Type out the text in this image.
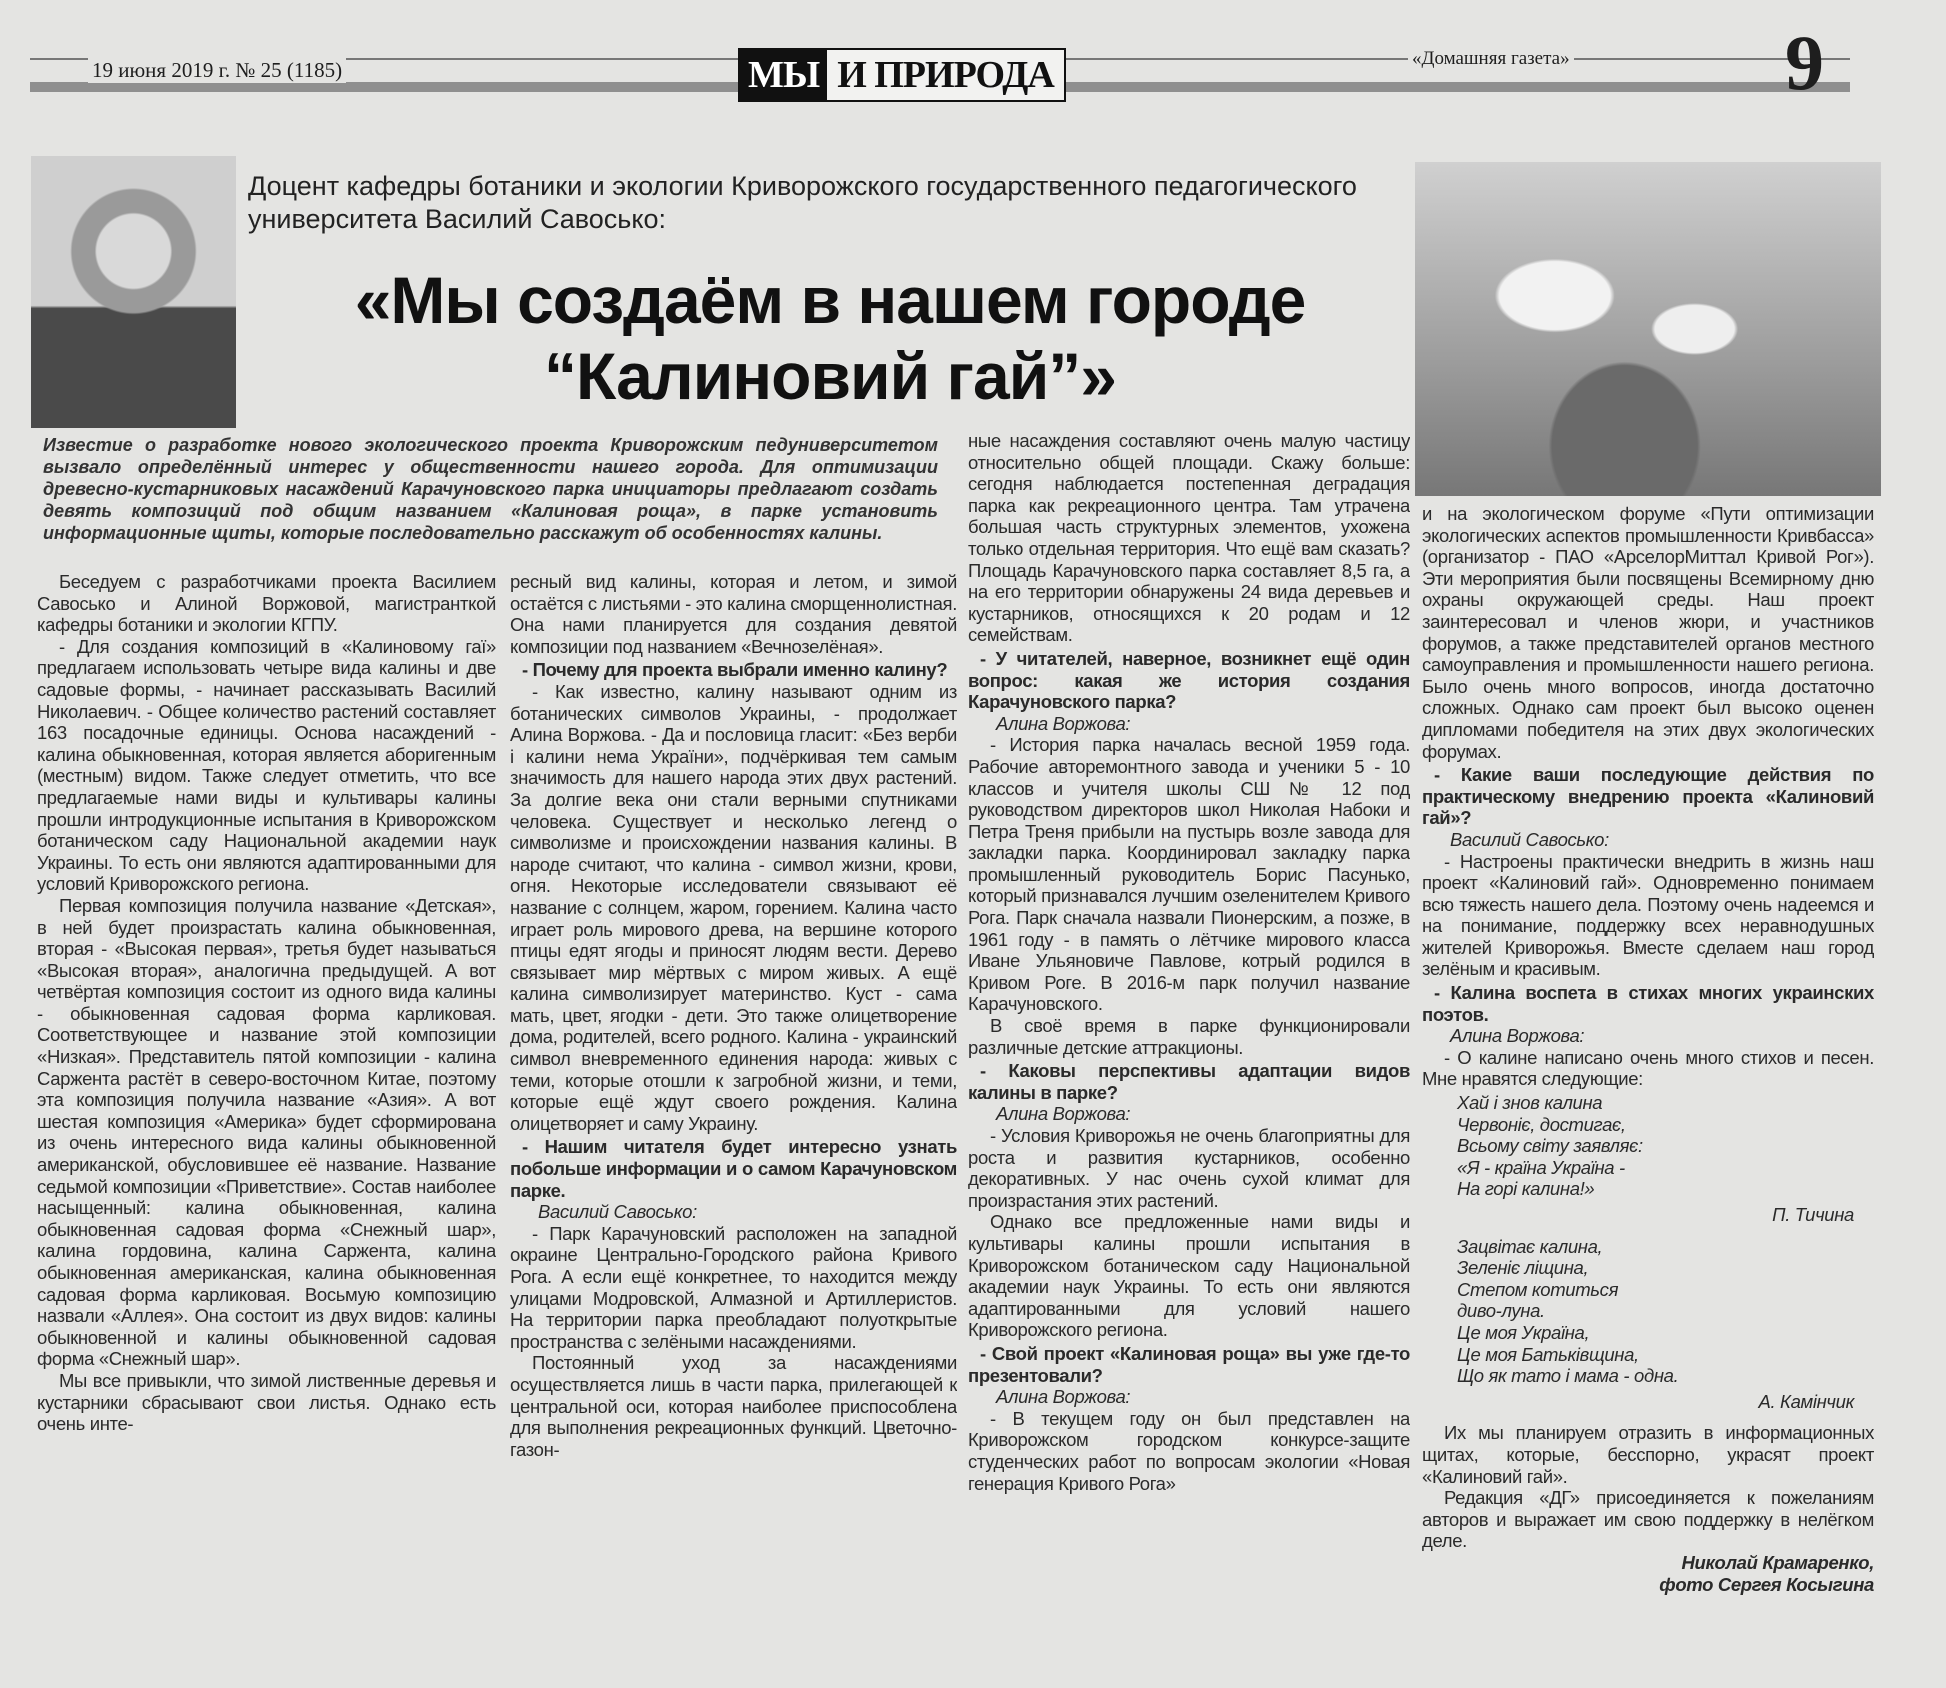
19 июня 2019 г. № 25 (1185)	МЫ И ПРИРОДА	«Домашняя газета»	9
Доцент кафедры ботаники и экологии Криворожского государственного педагогического университета Василий Савосько:
«Мы создаём в нашем городе “Калиновий гай”»
Известие о разработке нового экологического проекта Криворожским педуниверситетом вызвало определённый интерес у общественности нашего города. Для оптимизации древесно-кустарниковых насаждений Карачуновского парка инициаторы предлагают создать девять композиций под общим названием «Калиновая роща», в парке установить информационные щиты, которые последовательно расскажут об особенностях калины.

Беседуем с разработчиками проекта Василием Савосько и Алиной Воржовой, магистранткой кафедры ботаники и экологии КГПУ.

- Для создания композиций в «Калиновому гаї» предлагаем использовать четыре вида калины и две садовые формы, - начинает рассказывать Василий Николаевич. - Общее количество растений составляет 163 посадочные единицы. Основа насаждений - калина обыкновенная, которая является аборигенным (местным) видом. Также следует отметить, что все предлагаемые нами виды и культивары калины прошли интродукционные испытания в Криворожском ботаническом саду Национальной академии наук Украины. То есть они являются адаптированными для условий Криворожского региона.

Первая композиция получила название «Детская», в ней будет произрастать калина обыкновенная, вторая - «Высокая первая», третья будет называться «Высокая вторая», аналогична предыдущей. А вот четвёртая композиция состоит из одного вида калины - обыкновенная садовая форма карликовая. Соответствующее и название этой композиции «Низкая». Представитель пятой композиции - калина Саржента растёт в северо-восточном Китае, поэтому эта композиция получила название «Азия». А вот шестая композиция «Америка» будет сформирована из очень интересного вида калины обыкновенной американской, обусловившее её название. Название седьмой композиции «Приветствие». Состав наиболее насыщенный: калина обыкновенная, калина обыкновенная садовая форма «Снежный шар», калина гордовина, калина Саржента, калина обыкновенная американская, калина обыкновенная садовая форма карликовая. Восьмую композицию назвали «Аллея». Она состоит из двух видов: калины обыкновенной и калины обыкновенной садовая форма «Снежный шар».

Мы все привыкли, что зимой лиственные деревья и кустарники сбрасывают свои листья. Однако есть очень инте-

ресный вид калины, которая и летом, и зимой остаётся с листьями - это калина сморщеннолистная. Она нами планируется для создания девятой композиции под названием «Вечнозелёная».

- Почему для проекта выбрали именно калину?

- Как известно, калину называют одним из ботанических символов Украины, - продолжает Алина Воржова. - Да и пословица гласит: «Без верби і калини нема України», подчёркивая тем самым значимость для нашего народа этих двух растений. За долгие века они стали верными спутниками человека. Существует и несколько легенд о символизме и происхождении названия калины. В народе считают, что калина - символ жизни, крови, огня. Некоторые исследователи связывают её название с солнцем, жаром, горением. Калина часто играет роль мирового древа, на вершине которого птицы едят ягоды и приносят людям вести. Дерево связывает мир мёртвых с миром живых. А ещё калина символизирует материнство. Куст - сама мать, цвет, ягодки - дети. Это также олицетворение дома, родителей, всего родного. Калина - украинский символ вневременного единения народа: живых с теми, которые отошли к загробной жизни, и теми, которые ещё ждут своего рождения. Калина олицетворяет и саму Украину.

- Нашим читателя будет интересно узнать побольше информации и о самом Карачуновском парке.

Василий Савосько:

- Парк Карачуновский расположен на западной окраине Центрально-Городского района Кривого Рога. А если ещё конкретнее, то находится между улицами Модровской, Алмазной и Артиллеристов. На территории парка преобладают полуоткрытые пространства с зелёными насаждениями.

Постоянный уход за насаждениями осуществляется лишь в части парка, прилегающей к центральной оси, которая наиболее приспособлена для выполнения рекреационных функций. Цветочно-газон-

ные насаждения составляют очень малую частицу относительно общей площади. Скажу больше: сегодня наблюдается постепенная деградация парка как рекреационного центра. Там утрачена большая часть структурных элементов, ухожена только отдельная территория. Что ещё вам сказать? Площадь Карачуновского парка составляет 8,5 га, а на его территории обнаружены 24 вида деревьев и кустарников, относящихся к 20 родам и 12 семействам.

- У читателей, наверное, возникнет ещё один вопрос: какая же история создания Карачуновского парка?

Алина Воржова:

- История парка началась весной 1959 года. Рабочие авторемонтного завода и ученики 5 - 10 классов и учителя школы СШ № 12 под руководством директоров школ Николая Набоки и Петра Треня прибыли на пустырь возле завода для закладки парка. Координировал закладку парка промышленный руководитель Борис Пасунько, который признавался лучшим озеленителем Кривого Рога. Парк сначала назвали Пионерским, а позже, в 1961 году - в память о лётчике мирового класса Иване Ульяновиче Павлове, котрый родился в Кривом Роге. В 2016-м парк получил название Карачуновского.

В своё время в парке функционировали различные детские аттракционы.

- Каковы перспективы адаптации видов калины в парке?

Алина Воржова:

- Условия Криворожья не очень благоприятны для роста и развития кустарников, особенно декоративных. У нас очень сухой климат для произрастания этих растений.

Однако все предложенные нами виды и культивары калины прошли испытания в Криворожском ботаническом саду Национальной академии наук Украины. То есть они являются адаптированными для условий нашего Криворожского региона.

- Свой проект «Калиновая роща» вы уже где-то презентовали?

Алина Воржова:

- В текущем году он был представлен на Криворожском городском конкурсе-защите студенческих работ по вопросам экологии «Новая генерация Кривого Рога»

и на экологическом форуме «Пути оптимизации экологических аспектов промышленности Кривбасса» (организатор - ПАО «АрселорМиттал Кривой Рог»). Эти мероприятия были посвящены Всемирному дню охраны окружающей среды. Наш проект заинтересовал и членов жюри, и участников форумов, а также представителей органов местного самоуправления и промышленности нашего региона. Было очень много вопросов, иногда достаточно сложных. Однако сам проект был высоко оценен дипломами победителя на этих двух экологических форумах.

- Какие ваши последующие действия по практическому внедрению проекта «Калиновий гай»?

Василий Савосько:

- Настроены практически внедрить в жизнь наш проект «Калиновий гай». Одновременно понимаем всю тяжесть нашего дела. Поэтому очень надеемся и на понимание, поддержку всех неравнодушных жителей Криворожья. Вместе сделаем наш город зелёным и красивым.

- Калина воспета в стихах многих украинских поэтов.

Алина Воржова:

- О калине написано очень много стихов и песен. Мне нравятся следующие:

Хай і знов калина
Червоніє, достигає,
Всьому світу заявляє:
«Я - країна Україна -
На горі калина!»
П. Тичина
Зацвітає калина,
Зеленіє ліщина,
Степом котиться
диво-луна.
Це моя Україна,
Це моя Батьківщина,
Що як тато і мама - одна.
А. Камінчик

Их мы планируем отразить в информационных щитах, которые, бесспорно, украсят проект «Калиновий гай».

Редакция «ДГ» присоединяется к пожеланиям авторов и выражает им свою поддержку в нелёгком деле.

Николай Крамаренко,
фото Сергея Косыгина
